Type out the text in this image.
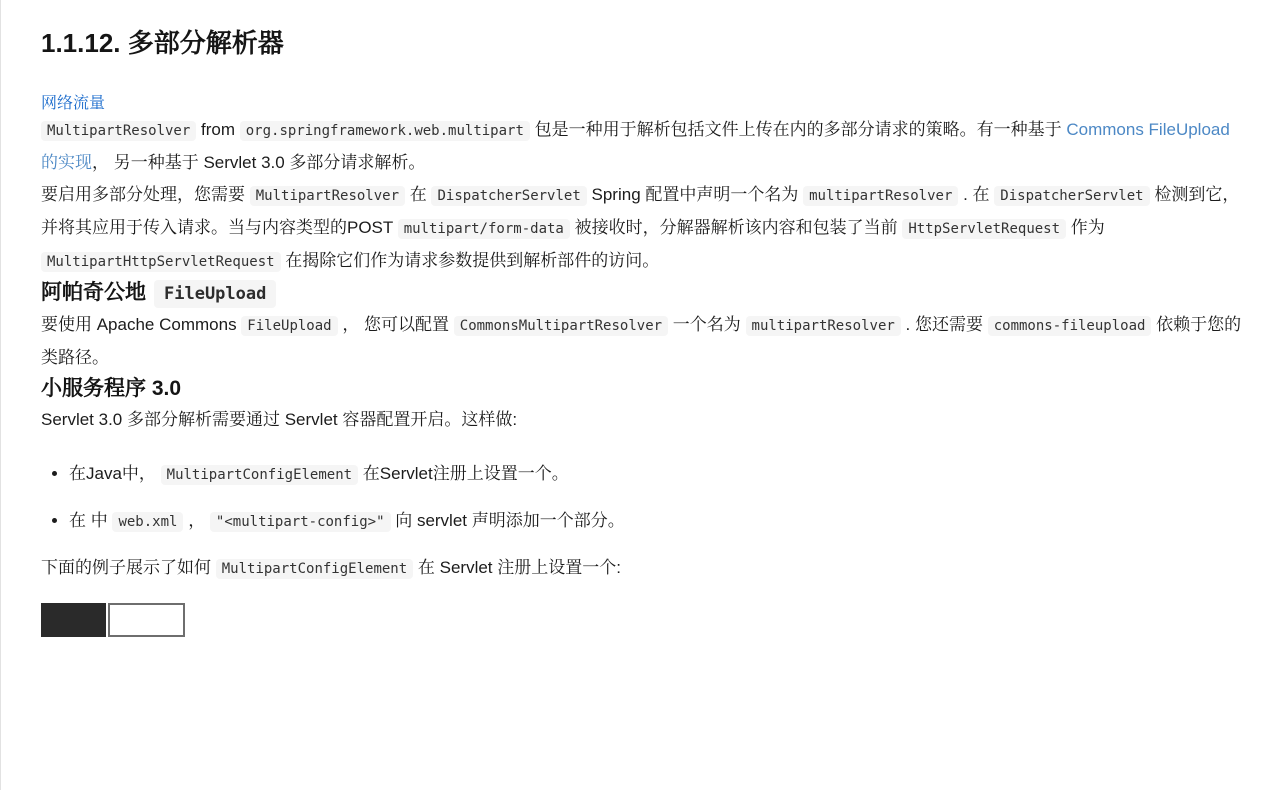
1.1.12. 多部分解析器
网络流量

MultipartResolver from org.springframework.web.multipart 包是一种用于解析包括文件上传在内的多部分请求的策略。有一种基于 Commons FileUpload 的实现， 另一种基于 Servlet 3.0 多部分请求解析。

要启用多部分处理，您需要 MultipartResolver 在 DispatcherServlet Spring 配置中声明一个名为 multipartResolver . 在 DispatcherServlet 检测到它，并将其应用于传入请求。当与内容类型的POST multipart/form-data 被接收时，分解器解析该内容和包装了当前 HttpServletRequest 作为 MultipartHttpServletRequest 在揭除它们作为请求参数提供到解析部件的访问。

阿帕奇公地 FileUpload

要使用 Apache Commons FileUpload ， 您可以配置 CommonsMultipartResolver 一个名为 multipartResolver . 您还需要 commons-fileupload 依赖于您的类路径。

小服务程序 3.0

Servlet 3.0 多部分解析需要通过 Servlet 容器配置开启。这样做:

• 在Java中， MultipartConfigElement 在Servlet注册上设置一个。
• 在 中 web.xml ， "<multipart-config>" 向 servlet 声明添加一个部分。

下面的例子展示了如何 MultipartConfigElement 在 Servlet 注册上设置一个:
